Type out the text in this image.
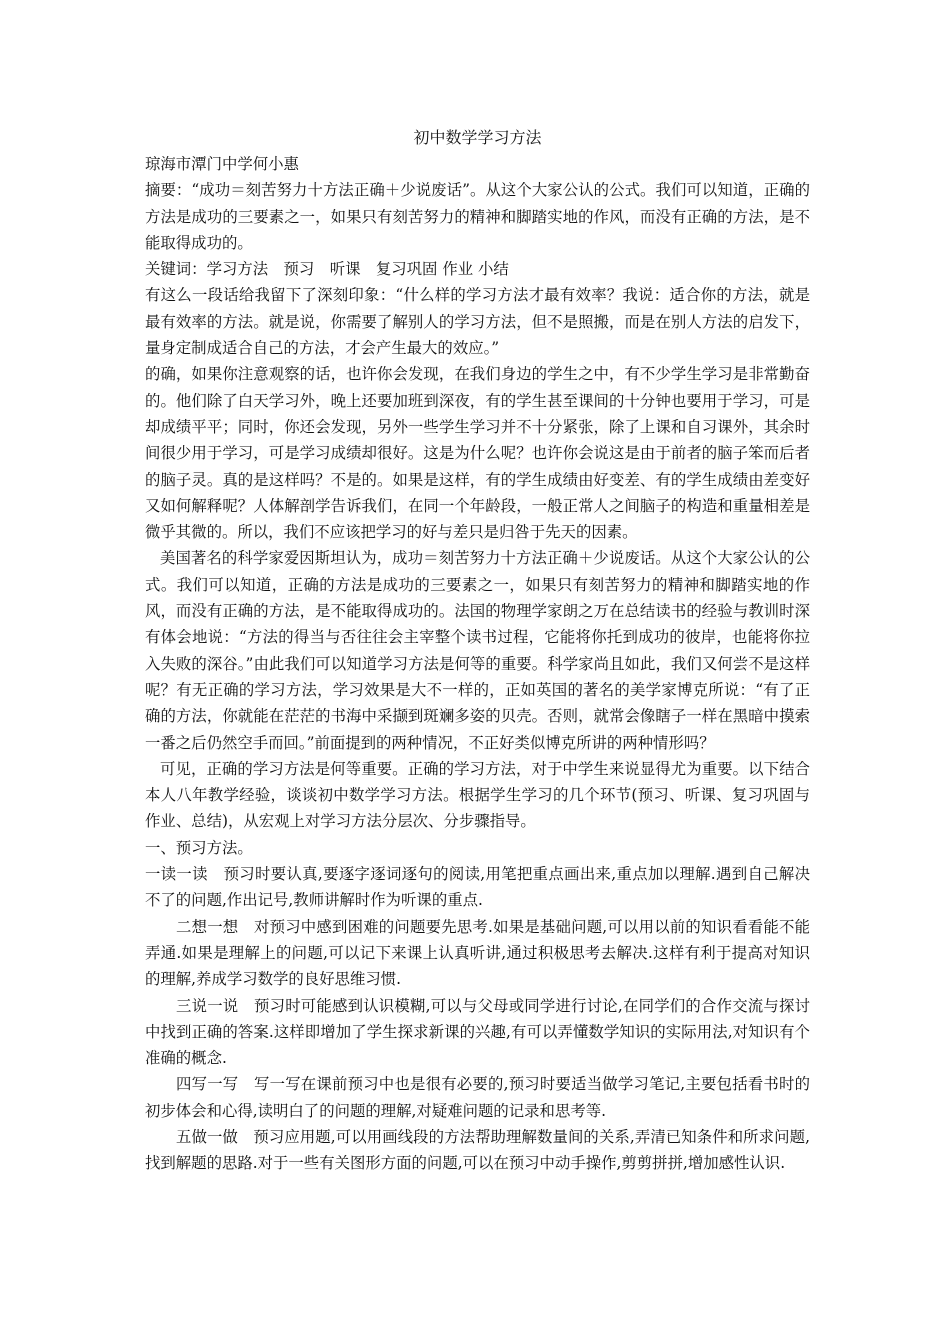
初中数学学习方法

琼海市潭门中学何小惠

摘要：“成功＝刻苦努力十方法正确＋少说废话”。从这个大家公认的公式。我们可以知道，正确的方法是成功的三要素之一，如果只有刻苦努力的精神和脚踏实地的作风，而没有正确的方法，是不能取得成功的。

关键词：学习方法　预习　听课　复习巩固 作业 小结

有这么一段话给我留下了深刻印象：“什么样的学习方法才最有效率？我说：适合你的方法，就是最有效率的方法。就是说，你需要了解别人的学习方法，但不是照搬，而是在别人方法的启发下，量身定制成适合自己的方法，才会产生最大的效应。”

的确，如果你注意观察的话，也许你会发现，在我们身边的学生之中，有不少学生学习是非常勤奋的。他们除了白天学习外，晚上还要加班到深夜，有的学生甚至课间的十分钟也要用于学习，可是却成绩平平；同时，你还会发现，另外一些学生学习并不十分紧张，除了上课和自习课外，其余时间很少用于学习，可是学习成绩却很好。这是为什么呢？也许你会说这是由于前者的脑子笨而后者的脑子灵。真的是这样吗？不是的。如果是这样，有的学生成绩由好变差、有的学生成绩由差变好又如何解释呢？人体解剖学告诉我们，在同一个年龄段，一般正常人之间脑子的构造和重量相差是微乎其微的。所以，我们不应该把学习的好与差只是归咎于先天的因素。

美国著名的科学家爱因斯坦认为，成功＝刻苦努力十方法正确＋少说废话。从这个大家公认的公式。我们可以知道，正确的方法是成功的三要素之一，如果只有刻苦努力的精神和脚踏实地的作风，而没有正确的方法，是不能取得成功的。法国的物理学家朗之万在总结读书的经验与教训时深有体会地说：“方法的得当与否往往会主宰整个读书过程，它能将你托到成功的彼岸，也能将你拉入失败的深谷。”由此我们可以知道学习方法是何等的重要。科学家尚且如此，我们又何尝不是这样呢？有无正确的学习方法，学习效果是大不一样的，正如英国的著名的美学家博克所说：“有了正确的方法，你就能在茫茫的书海中采撷到斑斓多姿的贝壳。否则，就常会像瞎子一样在黑暗中摸索一番之后仍然空手而回。”前面提到的两种情况，不正好类似博克所讲的两种情形吗？

可见，正确的学习方法是何等重要。正确的学习方法，对于中学生来说显得尤为重要。以下结合本人八年教学经验，谈谈初中数学学习方法。根据学生学习的几个环节(预习、听课、复习巩固与作业、总结)，从宏观上对学习方法分层次、分步骤指导。

一、预习方法。

一读一读　预习时要认真,要逐字逐词逐句的阅读,用笔把重点画出来,重点加以理解.遇到自己解决不了的问题,作出记号,教师讲解时作为听课的重点.

二想一想　对预习中感到困难的问题要先思考.如果是基础问题,可以用以前的知识看看能不能弄通.如果是理解上的问题,可以记下来课上认真听讲,通过积极思考去解决.这样有利于提高对知识的理解,养成学习数学的良好思维习惯.

三说一说　预习时可能感到认识模糊,可以与父母或同学进行讨论,在同学们的合作交流与探讨中找到正确的答案.这样即增加了学生探求新课的兴趣,有可以弄懂数学知识的实际用法,对知识有个准确的概念.

四写一写　写一写在课前预习中也是很有必要的,预习时要适当做学习笔记,主要包括看书时的初步体会和心得,读明白了的问题的理解,对疑难问题的记录和思考等.

五做一做　预习应用题,可以用画线段的方法帮助理解数量间的关系,弄清已知条件和所求问题,找到解题的思路.对于一些有关图形方面的问题,可以在预习中动手操作,剪剪拼拼,增加感性认识.
